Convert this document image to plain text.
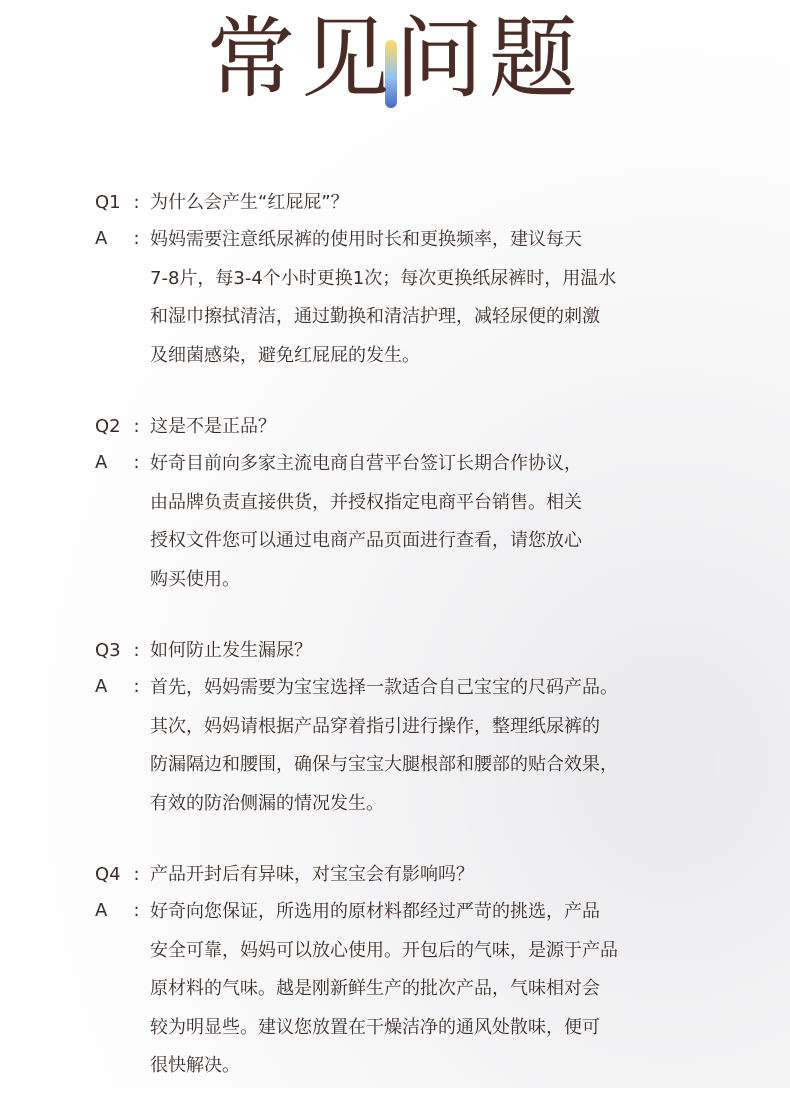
常见问题
Q1 : 为什么会产生“红屁屁”？
A	: 妈妈需要注意纸尿裤的使用时长和更换频率，建议每天
7-8片，每3-4个小时更换1次；每次更换纸尿裤时，用温水
和湿巾擦拭清洁，通过勤换和清洁护理，减轻尿便的刺激
及细菌感染，避免红屁屁的发生。
Q2 : 这是不是正品？
A	: 好奇目前向多家主流电商自营平台签订长期合作协议，
由品牌负责直接供货，并授权指定电商平台销售。相关
授权文件您可以通过电商产品页面进行查看，请您放心
购买使用。
Q3 : 如何防止发生漏尿？
A	: 首先，妈妈需要为宝宝选择一款适合自己宝宝的尺码产品。
其次，妈妈请根据产品穿着指引进行操作，整理纸尿裤的
防漏隔边和腰围，确保与宝宝大腿根部和腰部的贴合效果，
有效的防治侧漏的情况发生。
Q4 : 产品开封后有异味，对宝宝会有影响吗？
A	: 好奇向您保证，所选用的原材料都经过严苛的挑选，产品
安全可靠，妈妈可以放心使用。开包后的气味，是源于产品
原材料的气味。越是刚新鲜生产的批次产品，气味相对会
较为明显些。建议您放置在干燥洁净的通风处散味，便可
很快解决。
